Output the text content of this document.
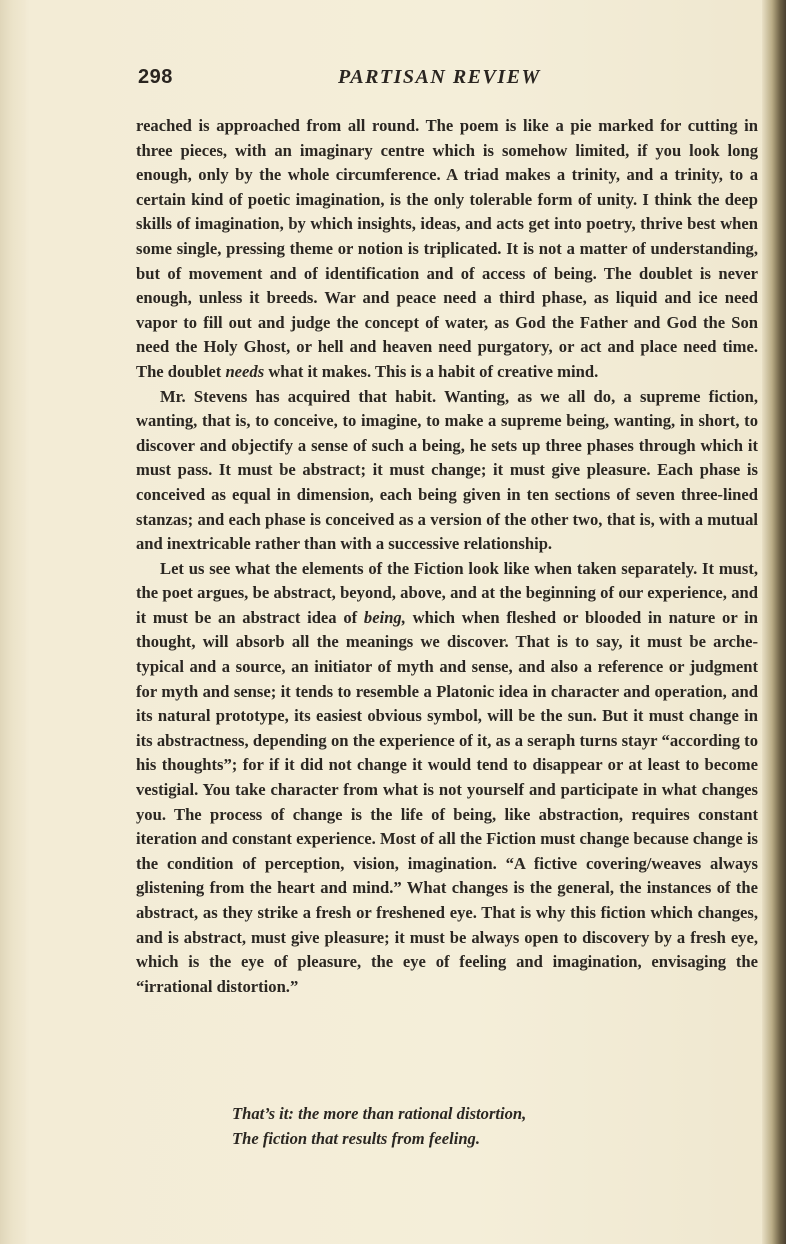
298	PARTISAN REVIEW

reached is approached from all round. The poem is like a pie marked for cutting in three pieces, with an imaginary centre which is somehow limited, if you look long enough, only by the whole circumference. A triad makes a trinity, and a trinity, to a certain kind of poetic imagination, is the only tolerable form of unity. I think the deep skills of imagination, by which insights, ideas, and acts get into poetry, thrive best when some single, pressing theme or notion is triplicated. It is not a matter of understanding, but of movement and of identification and of access of being. The doublet is never enough, unless it breeds. War and peace need a third phase, as liquid and ice need vapor to fill out and judge the concept of water, as God the Father and God the Son need the Holy Ghost, or hell and heaven need purgatory, or act and place need time. The doublet needs what it makes. This is a habit of creative mind.

Mr. Stevens has acquired that habit. Wanting, as we all do, a supreme fiction, wanting, that is, to conceive, to imagine, to make a supreme being, wanting, in short, to discover and objectify a sense of such a being, he sets up three phases through which it must pass. It must be abstract; it must change; it must give pleasure. Each phase is conceived as equal in dimension, each being given in ten sections of seven three-lined stanzas; and each phase is conceived as a version of the other two, that is, with a mutual and inextricable rather than with a successive relationship.

Let us see what the elements of the Fiction look like when taken separately. It must, the poet argues, be abstract, beyond, above, and at the beginning of our experience, and it must be an abstract idea of being, which when fleshed or blooded in nature or in thought, will absorb all the meanings we discover. That is to say, it must be arche-typical and a source, an initiator of myth and sense, and also a reference or judgment for myth and sense; it tends to resemble a Platonic idea in character and operation, and its natural prototype, its easiest obvious symbol, will be the sun. But it must change in its abstractness, depending on the experience of it, as a seraph turns stayr “according to his thoughts”; for if it did not change it would tend to disappear or at least to become vestigial. You take character from what is not yourself and participate in what changes you. The process of change is the life of being, like abstraction, requires constant iteration and constant experience. Most of all the Fiction must change because change is the condition of perception, vision, imagination. “A fictive covering/weaves always glistening from the heart and mind.” What changes is the general, the instances of the abstract, as they strike a fresh or freshened eye. That is why this fiction which changes, and is abstract, must give pleasure; it must be always open to discovery by a fresh eye, which is the eye of pleasure, the eye of feeling and imagination, envisaging the “irrational distortion.”

That’s it: the more than rational distortion,
The fiction that results from feeling.
